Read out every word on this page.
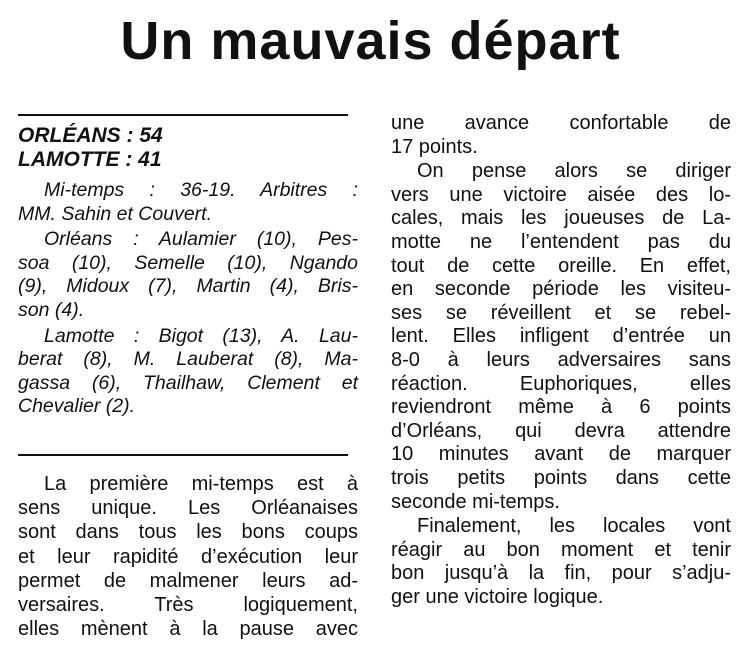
Un mauvais départ

ORLÉANS : 54

LAMOTTE : 41

Mi-temps : 36-19. Arbitres :
MM. Sahin et Couvert.
Orléans : Aulamier (10), Pes-
soa (10), Semelle (10), Ngando
(9), Midoux (7), Martin (4), Bris-
son (4).
Lamotte : Bigot (13), A. Lau-
berat (8), M. Lauberat (8), Ma-
gassa (6), Thailhaw, Clement et
Chevalier (2).
La première mi-temps est à
sens unique. Les Orléanaises
sont dans tous les bons coups
et leur rapidité d’exécution leur
permet de malmener leurs ad-
versaires. Très logiquement,
elles mènent à la pause avec
une avance confortable de
17 points.
On pense alors se diriger
vers une victoire aisée des lo-
cales, mais les joueuses de La-
motte ne l’entendent pas du
tout de cette oreille. En effet,
en seconde période les visiteu-
ses se réveillent et se rebel-
lent. Elles infligent d’entrée un
8-0 à leurs adversaires sans
réaction. Euphoriques, elles
reviendront même à 6 points
d’Orléans, qui devra attendre
10 minutes avant de marquer
trois petits points dans cette
seconde mi-temps.
Finalement, les locales vont
réagir au bon moment et tenir
bon jusqu’à la fin, pour s’adju-
ger une victoire logique.
